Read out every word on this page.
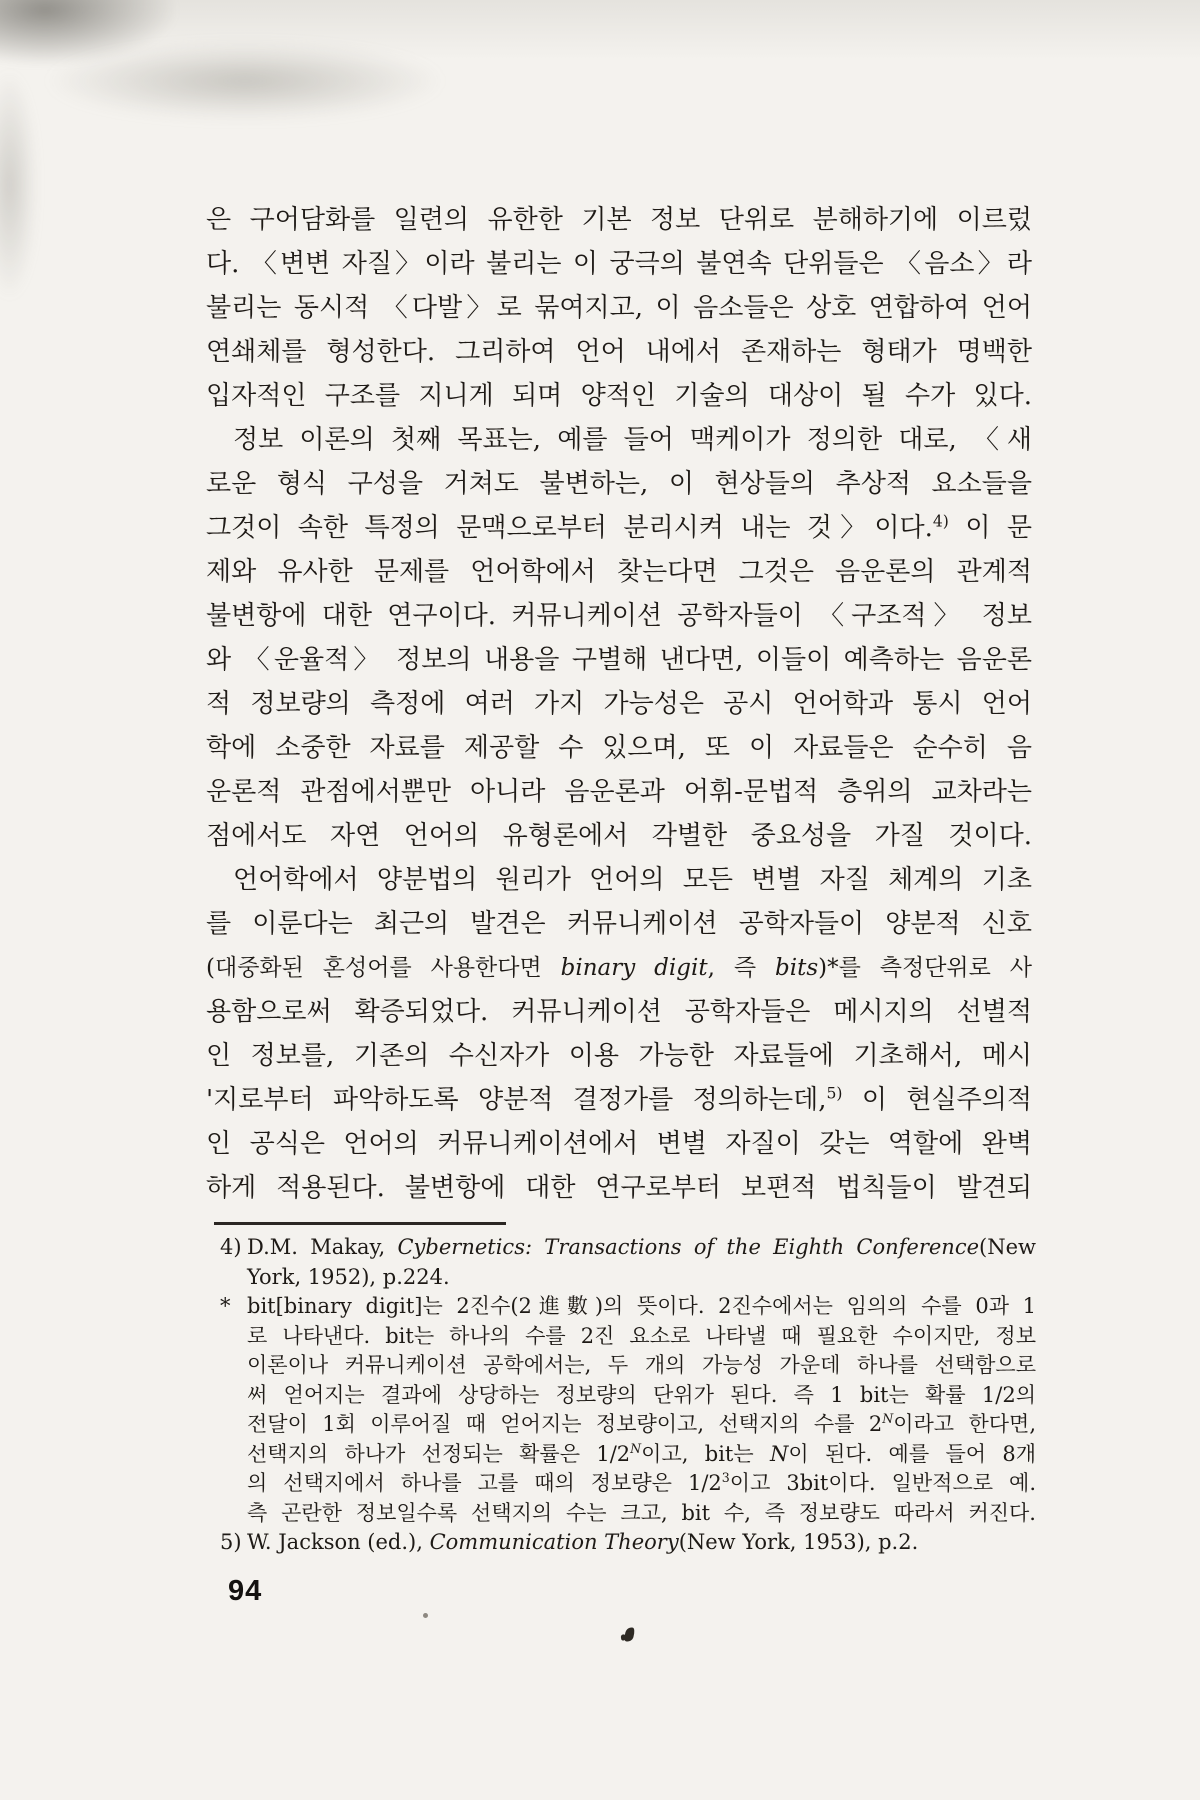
은 구어담화를 일련의 유한한 기본 정보 단위로 분해하기에 이르렀
다. 〈변변 자질〉이라 불리는 이 궁극의 불연속 단위들은 〈음소〉라
불리는 동시적 〈다발〉로 묶여지고, 이 음소들은 상호 연합하여 언어
연쇄체를 형성한다. 그리하여 언어 내에서 존재하는 형태가 명백한
입자적인 구조를 지니게 되며 양적인 기술의 대상이 될 수가 있다.
정보 이론의 첫째 목표는, 예를 들어 맥케이가 정의한 대로, 〈새
로운 형식 구성을 거쳐도 불변하는, 이 현상들의 추상적 요소들을
그것이 속한 특정의 문맥으로부터 분리시켜 내는 것〉이다.$^{4)}$ 이 문
제와 유사한 문제를 언어학에서 찾는다면 그것은 음운론의 관계적
불변항에 대한 연구이다. 커뮤니케이션 공학자들이 〈구조적〉 정보
와 〈운율적〉 정보의 내용을 구별해 낸다면, 이들이 예측하는 음운론
적 정보량의 측정에 여러 가지 가능성은 공시 언어학과 통시 언어
학에 소중한 자료를 제공할 수 있으며, 또 이 자료들은 순수히 음
운론적 관점에서뿐만 아니라 음운론과 어휘-문법적 층위의 교차라는
점에서도 자연 언어의 유형론에서 각별한 중요성을 가질 것이다.
언어학에서 양분법의 원리가 언어의 모든 변별 자질 체계의 기초
를 이룬다는 최근의 발견은 커뮤니케이션 공학자들이 양분적 신호
(대중화된 혼성어를 사용한다면 binary digit, 즉 bits)*를 측정단위로 사
용함으로써 확증되었다. 커뮤니케이션 공학자들은 메시지의 선별적
인 정보를, 기존의 수신자가 이용 가능한 자료들에 기초해서, 메시
'지로부터 파악하도록 양분적 결정가를 정의하는데,$^{5)}$ 이 현실주의적
인 공식은 언어의 커뮤니케이션에서 변별 자질이 갖는 역할에 완벽
하게 적용된다. 불변항에 대한 연구로부터 보편적 법칙들이 발견되
4) D.M. Makay, Cybernetics: Transactions of the Eighth Conference(New
York, 1952), p.224.
* bit[binary digit]는 2진수(2進數)의 뜻이다. 2진수에서는 임의의 수를 0과 1
로 나타낸다. bit는 하나의 수를 2진 요소로 나타낼 때 필요한 수이지만, 정보
이론이나 커뮤니케이션 공학에서는, 두 개의 가능성 가운데 하나를 선택함으로
써 얻어지는 결과에 상당하는 정보량의 단위가 된다. 즉 1 bit는 확률 1/2의
전달이 1회 이루어질 때 얻어지는 정보량이고, 선택지의 수를 $2^N$이라고 한다면,
선택지의 하나가 선정되는 확률은 $1/2^N$이고, bit는 N이 된다. 예를 들어 8개
의 선택지에서 하나를 고를 때의 정보량은 $1/2^3$이고 3bit이다. 일반적으로 예.
측 곤란한 정보일수록 선택지의 수는 크고, bit 수, 즉 정보량도 따라서 커진다.
5) W. Jackson (ed.), Communication Theory(New York, 1953), p.2.
94
